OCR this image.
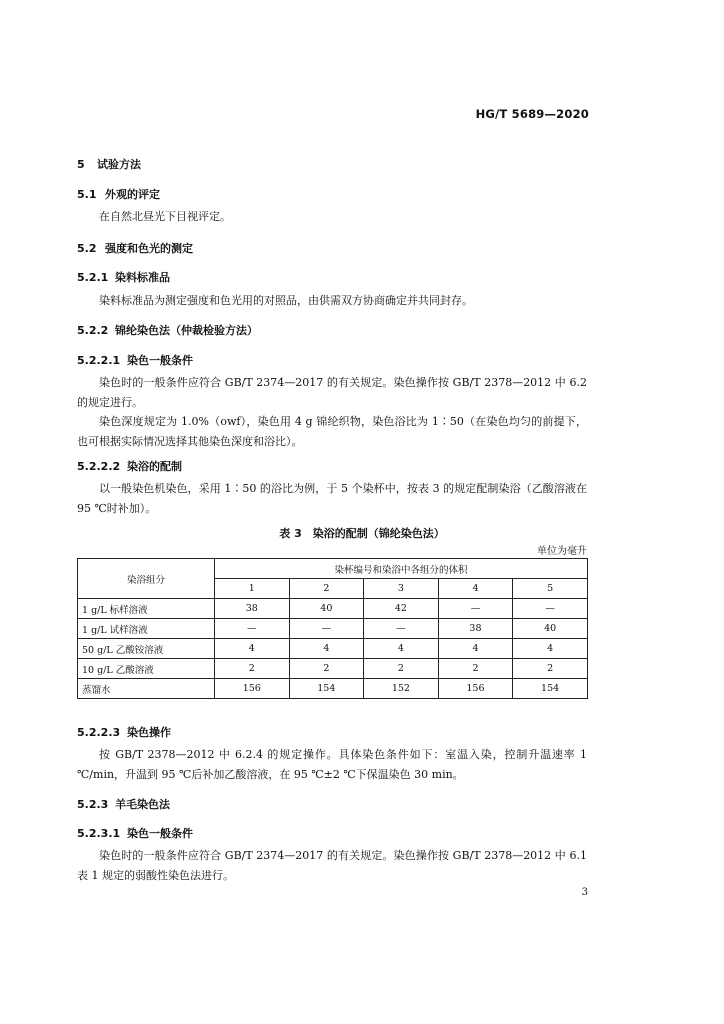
HG/T 5689—2020
5 试验方法
5.1 外观的评定
在自然北昼光下目视评定。
5.2 强度和色光的测定
5.2.1 染料标准品
染料标准品为测定强度和色光用的对照品，由供需双方协商确定并共同封存。
5.2.2 锦纶染色法（仲裁检验方法）
5.2.2.1 染色一般条件
染色时的一般条件应符合 GB/T 2374—2017 的有关规定。染色操作按 GB/T 2378—2012 中 6.2 的规定进行。
染色深度规定为 1.0%（owf），染色用 4 g 锦纶织物，染色浴比为 1∶50（在染色均匀的前提下，也可根据实际情况选择其他染色深度和浴比）。
5.2.2.2 染浴的配制
以一般染色机染色，采用 1∶50 的浴比为例，于 5 个染杯中，按表 3 的规定配制染浴（乙酸溶液在 95 ℃时补加）。
表 3　染浴的配制（锦纶染色法）
单位为毫升
染浴组分	染杯编号和染浴中各组分的体积				
	1	2	3	4	5
1 g/L 标样溶液	38	40	42	—	—
1 g/L 试样溶液	—	—	—	38	40
50 g/L 乙酸铵溶液	4	4	4	4	4
10 g/L 乙酸溶液	2	2	2	2	2
蒸馏水	156	154	152	156	154
5.2.2.3 染色操作
按 GB/T 2378—2012 中 6.2.4 的规定操作。具体染色条件如下：室温入染，控制升温速率 1 ℃/min，升温到 95 ℃后补加乙酸溶液，在 95 ℃±2 ℃下保温染色 30 min。
5.2.3 羊毛染色法
5.2.3.1 染色一般条件
染色时的一般条件应符合 GB/T 2374—2017 的有关规定。染色操作按 GB/T 2378—2012 中 6.1 表 1 规定的弱酸性染色法进行。
3
